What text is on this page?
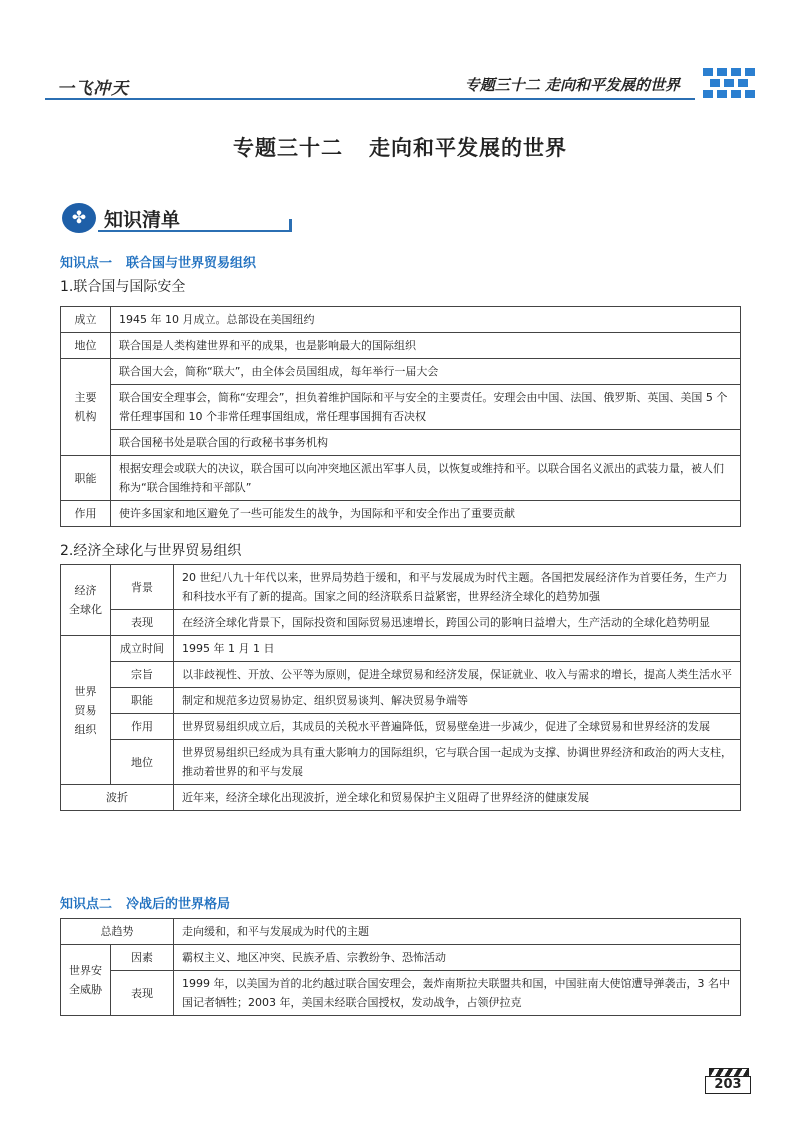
一飞冲天	专题三十二 走向和平发展的世界
专题三十二 走向和平发展的世界
✤ 知识清单
知识点一 联合国与世界贸易组织
1.联合国与国际安全
成立	1945 年 10 月成立。总部设在美国纽约
地位	联合国是人类构建世界和平的成果，也是影响最大的国际组织
主要
机构	联合国大会，简称“联大”，由全体会员国组成，每年举行一届大会
	联合国安全理事会，简称“安理会”，担负着维护国际和平与安全的主要责任。安理会由中国、法国、俄罗斯、英国、美国 5 个常任理事国和 10 个非常任理事国组成，常任理事国拥有否决权
	联合国秘书处是联合国的行政秘书事务机构
职能	根据安理会或联大的决议，联合国可以向冲突地区派出军事人员，以恢复或维持和平。以联合国名义派出的武装力量，被人们称为“联合国维持和平部队”
作用	使许多国家和地区避免了一些可能发生的战争，为国际和平和安全作出了重要贡献
2.经济全球化与世界贸易组织
经济
全球化	背景	20 世纪八九十年代以来，世界局势趋于缓和，和平与发展成为时代主题。各国把发展经济作为首要任务，生产力和科技水平有了新的提高。国家之间的经济联系日益紧密，世界经济全球化的趋势加强
	表现	在经济全球化背景下，国际投资和国际贸易迅速增长，跨国公司的影响日益增大，生产活动的全球化趋势明显
世界
贸易
组织	成立时间	1995 年 1 月 1 日
	宗旨	以非歧视性、开放、公平等为原则，促进全球贸易和经济发展，保证就业、收入与需求的增长，提高人类生活水平
	职能	制定和规范多边贸易协定、组织贸易谈判、解决贸易争端等
	作用	世界贸易组织成立后，其成员的关税水平普遍降低，贸易壁垒进一步减少，促进了全球贸易和世界经济的发展
	地位	世界贸易组织已经成为具有重大影响力的国际组织，它与联合国一起成为支撑、协调世界经济和政治的两大支柱，推动着世界的和平与发展
波折		近年来，经济全球化出现波折，逆全球化和贸易保护主义阻碍了世界经济的健康发展
知识点二 冷战后的世界格局
总趋势		走向缓和，和平与发展成为时代的主题
世界安
全威胁	因素	霸权主义、地区冲突、民族矛盾、宗教纷争、恐怖活动
	表现	1999 年，以美国为首的北约越过联合国安理会，轰炸南斯拉夫联盟共和国，中国驻南大使馆遭导弹袭击，3 名中国记者牺牲；2003 年，美国未经联合国授权，发动战争，占领伊拉克
203
